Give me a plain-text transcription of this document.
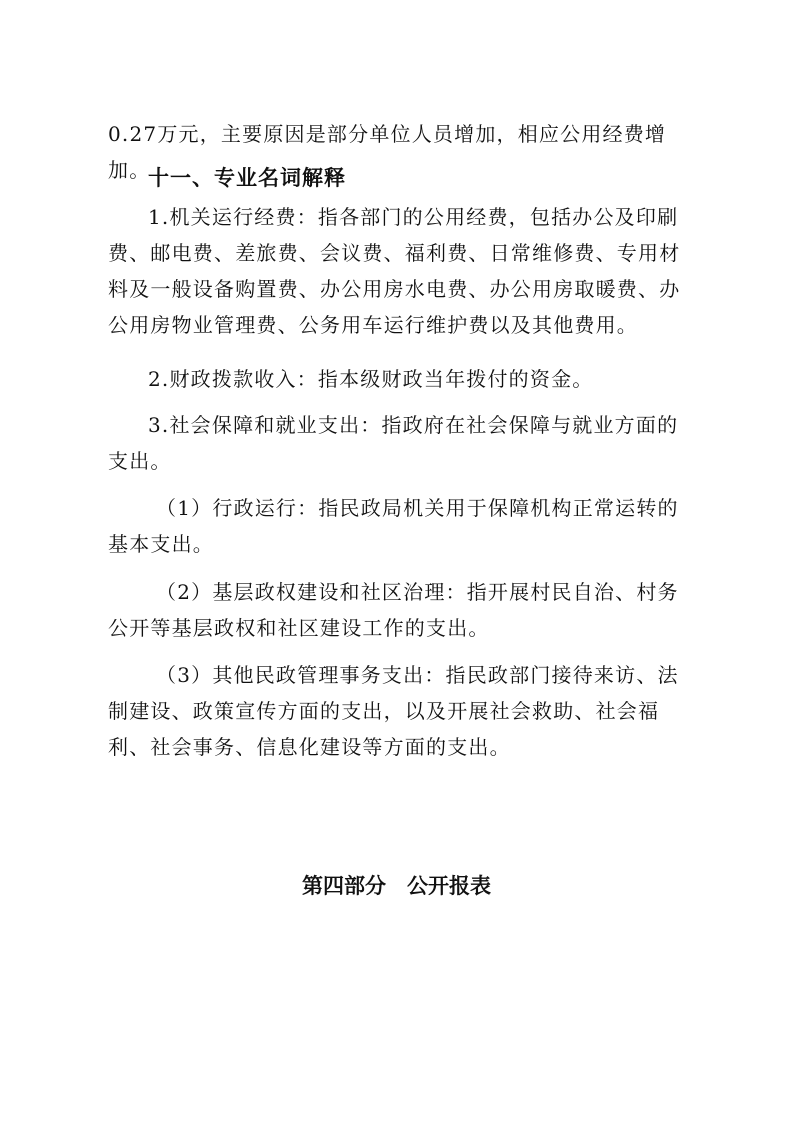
0.27万元，主要原因是部分单位人员增加，相应公用经费增加。

十一、专业名词解释

1.机关运行经费：指各部门的公用经费，包括办公及印刷费、邮电费、差旅费、会议费、福利费、日常维修费、专用材料及一般设备购置费、办公用房水电费、办公用房取暖费、办公用房物业管理费、公务用车运行维护费以及其他费用。

2.财政拨款收入：指本级财政当年拨付的资金。

3.社会保障和就业支出：指政府在社会保障与就业方面的支出。

（1）行政运行：指民政局机关用于保障机构正常运转的基本支出。

（2）基层政权建设和社区治理：指开展村民自治、村务公开等基层政权和社区建设工作的支出。

（3）其他民政管理事务支出：指民政部门接待来访、法制建设、政策宣传方面的支出，以及开展社会救助、社会福利、社会事务、信息化建设等方面的支出。

第四部分　公开报表
